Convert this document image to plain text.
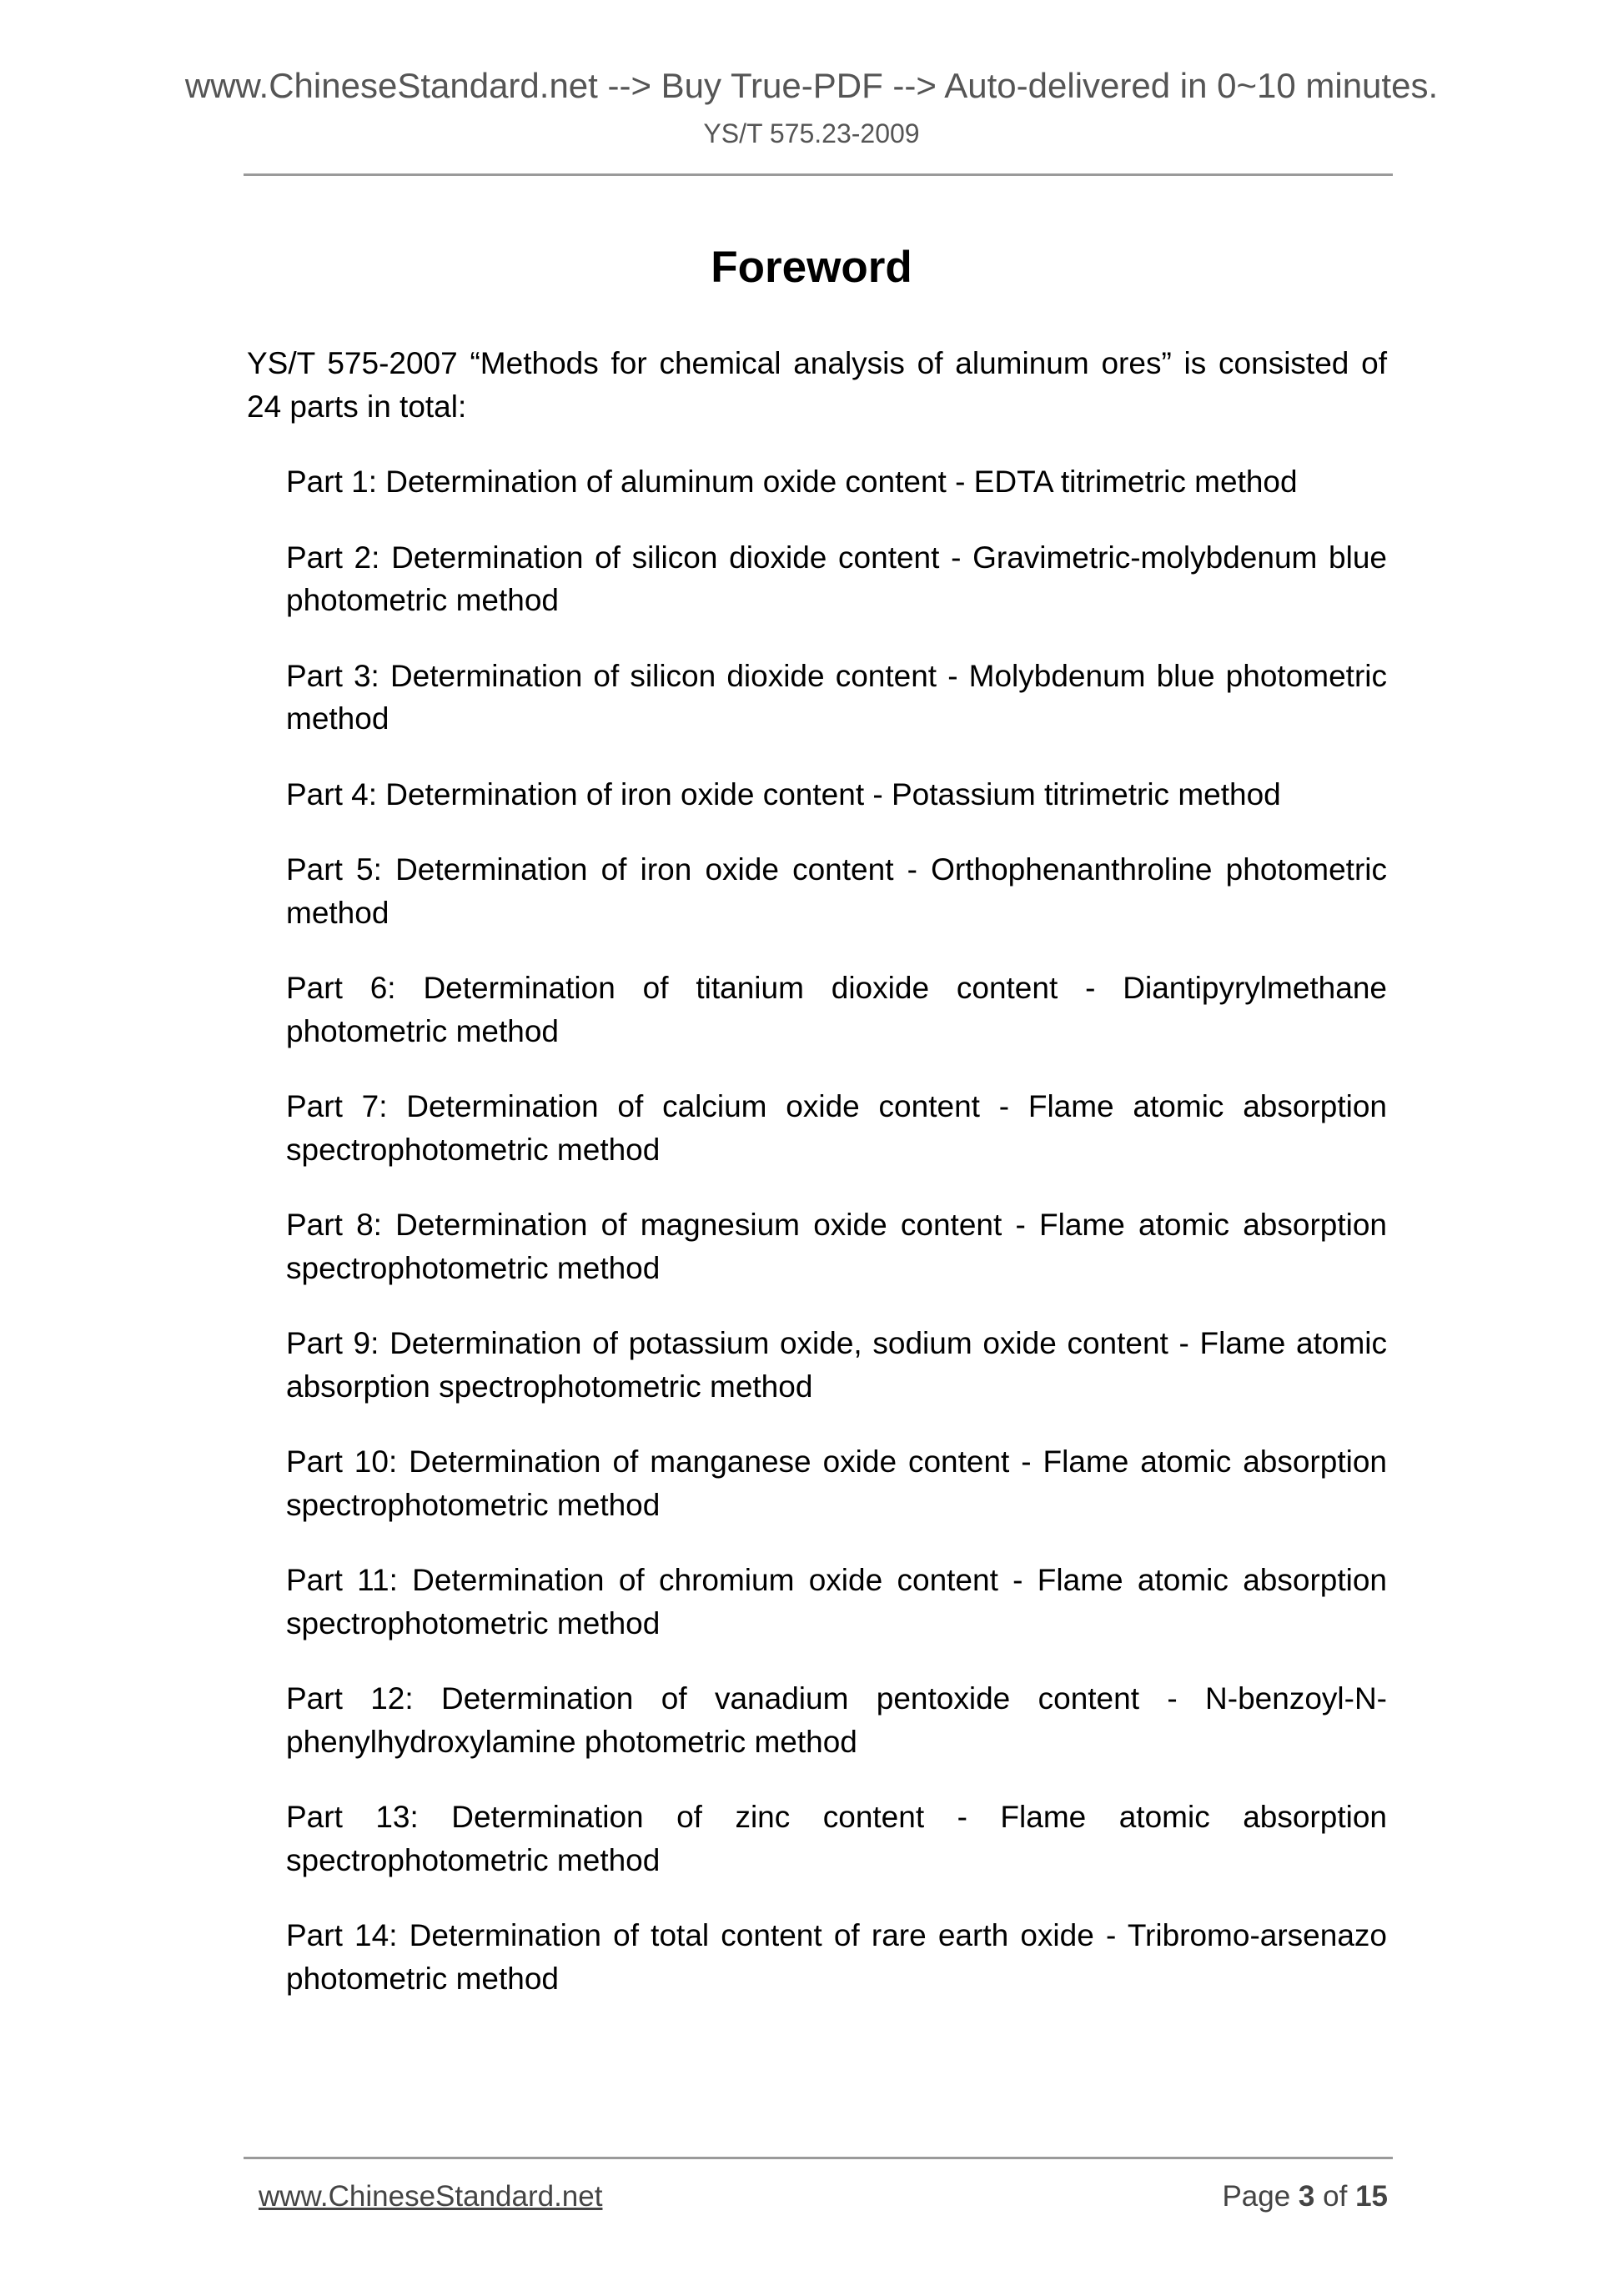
www.ChineseStandard.net --> Buy True-PDF --> Auto-delivered in 0~10 minutes.
YS/T 575.23-2009
Foreword

YS/T 575-2007 “Methods for chemical analysis of aluminum ores” is consisted of 24 parts in total:

Part 1: Determination of aluminum oxide content - EDTA titrimetric method

Part 2: Determination of silicon dioxide content - Gravimetric-molybdenum blue photometric method

Part 3: Determination of silicon dioxide content - Molybdenum blue photometric method

Part 4: Determination of iron oxide content - Potassium titrimetric method

Part 5: Determination of iron oxide content - Orthophenanthroline photometric method

Part 6: Determination of titanium dioxide content - Diantipyrylmethane photometric method

Part 7: Determination of calcium oxide content - Flame atomic absorption spectrophotometric method

Part 8: Determination of magnesium oxide content - Flame atomic absorption spectrophotometric method

Part 9: Determination of potassium oxide, sodium oxide content - Flame atomic absorption spectrophotometric method

Part 10: Determination of manganese oxide content - Flame atomic absorption spectrophotometric method

Part 11: Determination of chromium oxide content - Flame atomic absorption spectrophotometric method

Part 12: Determination of vanadium pentoxide content - N-benzoyl-N-phenylhydroxylamine photometric method

Part 13: Determination of zinc content - Flame atomic absorption spectrophotometric method

Part 14: Determination of total content of rare earth oxide - Tribromo-arsenazo photometric method

www.ChineseStandard.net	Page 3 of 15
